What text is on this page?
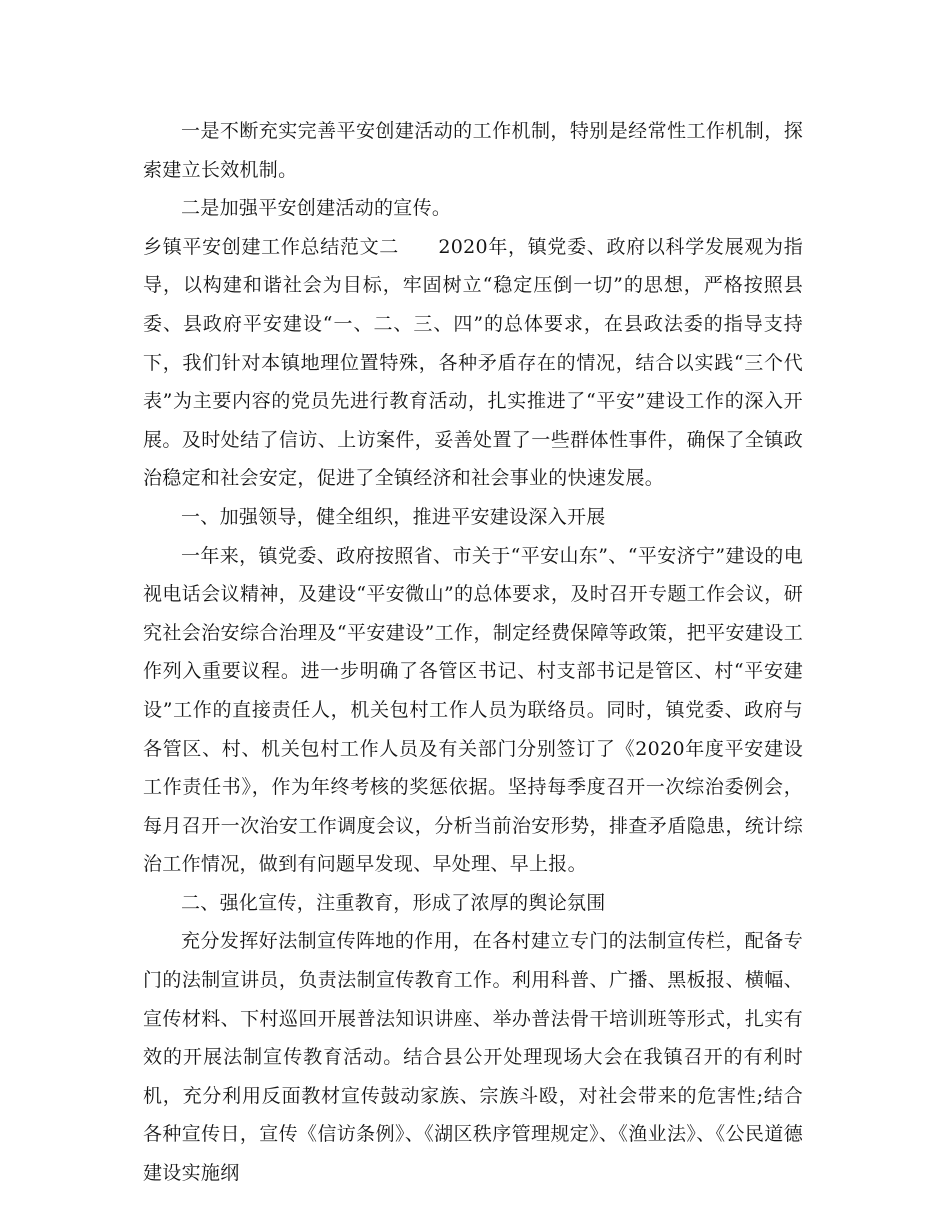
一是不断充实完善平安创建活动的工作机制，特别是经常性工作机制，探索建立长效机制。

二是加强平安创建活动的宣传。

乡镇平安创建工作总结范文二　　2020年，镇党委、政府以科学发展观为指导，以构建和谐社会为目标，牢固树立“稳定压倒一切”的思想，严格按照县委、县政府平安建设“一、二、三、四”的总体要求，在县政法委的指导支持下，我们针对本镇地理位置特殊，各种矛盾存在的情况，结合以实践“三个代表”为主要内容的党员先进行教育活动，扎实推进了“平安”建设工作的深入开展。及时处结了信访、上访案件，妥善处置了一些群体性事件，确保了全镇政治稳定和社会安定，促进了全镇经济和社会事业的快速发展。

一、加强领导，健全组织，推进平安建设深入开展

一年来，镇党委、政府按照省、市关于“平安山东”、“平安济宁”建设的电视电话会议精神，及建设“平安微山”的总体要求，及时召开专题工作会议，研究社会治安综合治理及“平安建设”工作，制定经费保障等政策，把平安建设工作列入重要议程。进一步明确了各管区书记、村支部书记是管区、村“平安建设”工作的直接责任人，机关包村工作人员为联络员。同时，镇党委、政府与各管区、村、机关包村工作人员及有关部门分别签订了《2020年度平安建设工作责任书》，作为年终考核的奖惩依据。坚持每季度召开一次综治委例会，每月召开一次治安工作调度会议，分析当前治安形势，排查矛盾隐患，统计综治工作情况，做到有问题早发现、早处理、早上报。

二、强化宣传，注重教育，形成了浓厚的舆论氛围

充分发挥好法制宣传阵地的作用，在各村建立专门的法制宣传栏，配备专门的法制宣讲员，负责法制宣传教育工作。利用科普、广播、黑板报、横幅、宣传材料、下村巡回开展普法知识讲座、举办普法骨干培训班等形式，扎实有效的开展法制宣传教育活动。结合县公开处理现场大会在我镇召开的有利时机，充分利用反面教材宣传鼓动家族、宗族斗殴，对社会带来的危害性;结合各种宣传日，宣传《信访条例》、《湖区秩序管理规定》、《渔业法》、《公民道德建设实施纲
